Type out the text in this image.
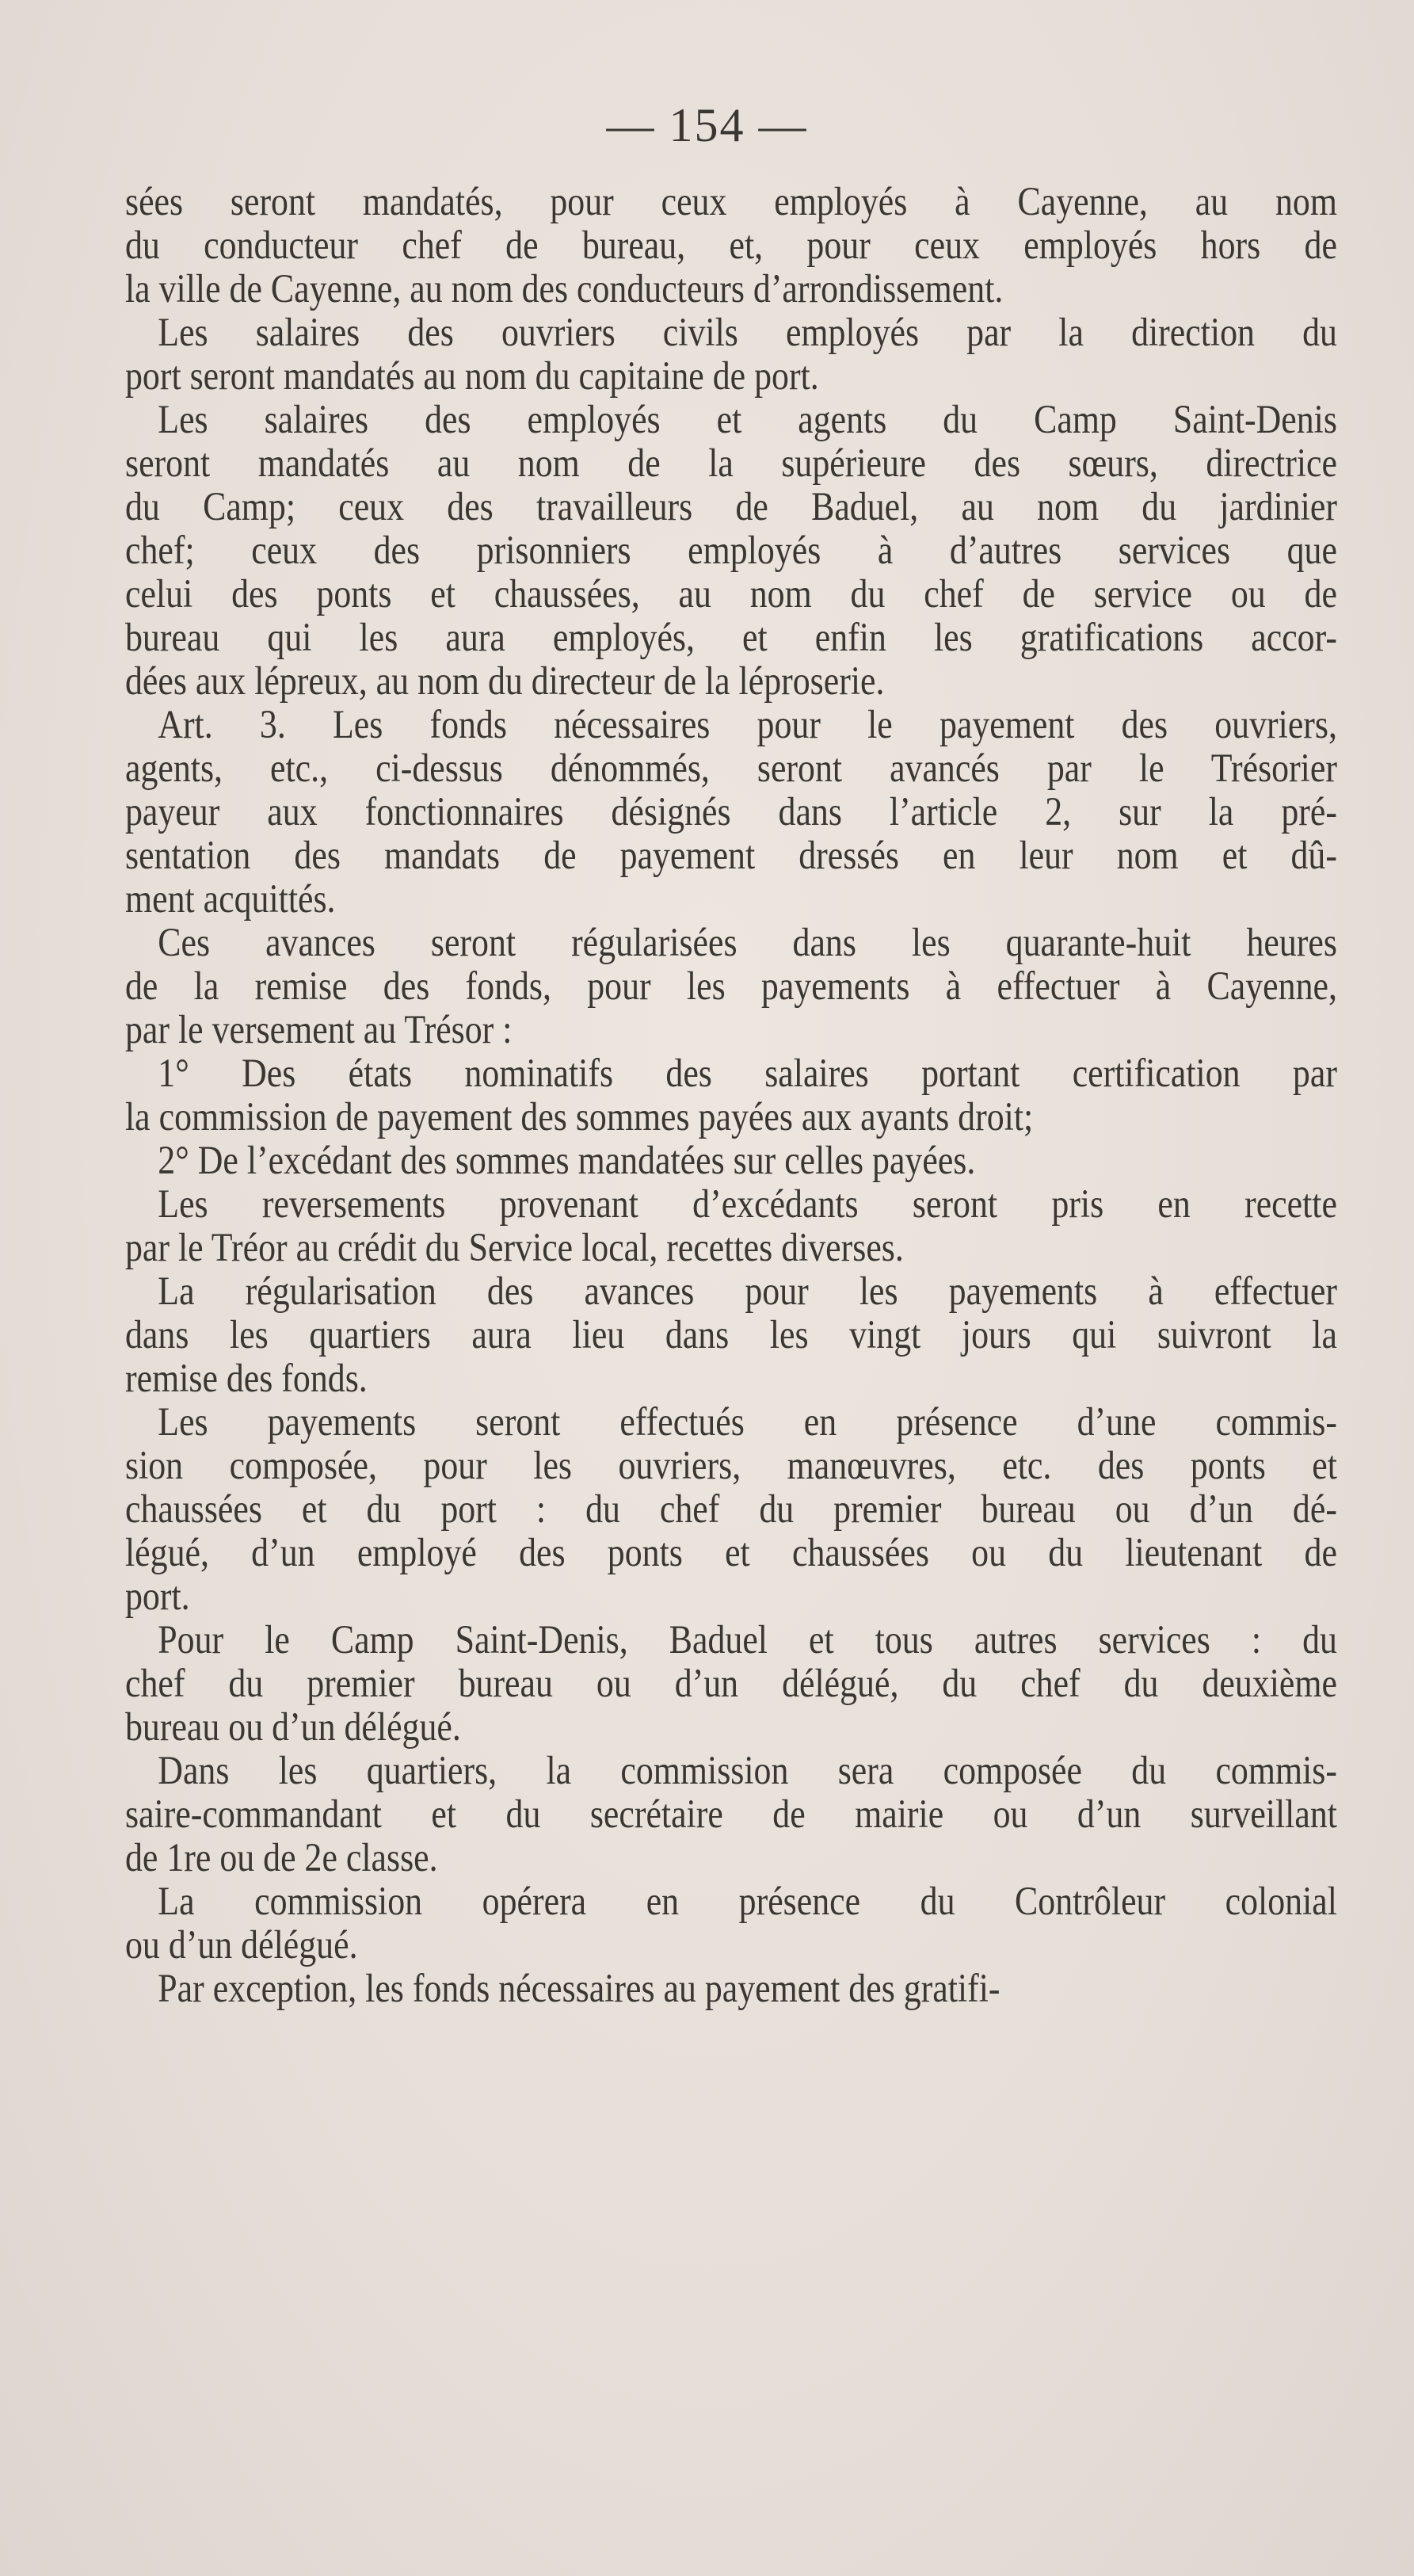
— 154 —
sées seront mandatés, pour ceux employés à Cayenne, au nom
du conducteur chef de bureau, et, pour ceux employés hors de
la ville de Cayenne, au nom des conducteurs d’arrondissement.
Les salaires des ouvriers civils employés par la direction du
port seront mandatés au nom du capitaine de port.
Les salaires des employés et agents du Camp Saint-Denis
seront mandatés au nom de la supérieure des sœurs, directrice
du Camp; ceux des travailleurs de Baduel, au nom du jardinier
chef; ceux des prisonniers employés à d’autres services que
celui des ponts et chaussées, au nom du chef de service ou de
bureau qui les aura employés, et enfin les gratifications accor-
dées aux lépreux, au nom du directeur de la léproserie.
Art. 3. Les fonds nécessaires pour le payement des ouvriers,
agents, etc., ci-dessus dénommés, seront avancés par le Trésorier
payeur aux fonctionnaires désignés dans l’article 2, sur la pré-
sentation des mandats de payement dressés en leur nom et dû-
ment acquittés.
Ces avances seront régularisées dans les quarante-huit heures
de la remise des fonds, pour les payements à effectuer à Cayenne,
par le versement au Trésor :
1° Des états nominatifs des salaires portant certification par
la commission de payement des sommes payées aux ayants droit;
2° De l’excédant des sommes mandatées sur celles payées.
Les reversements provenant d’excédants seront pris en recette
par le Tréor au crédit du Service local, recettes diverses.
La régularisation des avances pour les payements à effectuer
dans les quartiers aura lieu dans les vingt jours qui suivront la
remise des fonds.
Les payements seront effectués en présence d’une commis-
sion composée, pour les ouvriers, manœuvres, etc. des ponts et
chaussées et du port : du chef du premier bureau ou d’un dé-
légué, d’un employé des ponts et chaussées ou du lieutenant de
port.
Pour le Camp Saint-Denis, Baduel et tous autres services : du
chef du premier bureau ou d’un délégué, du chef du deuxième
bureau ou d’un délégué.
Dans les quartiers, la commission sera composée du commis-
saire-commandant et du secrétaire de mairie ou d’un surveillant
de 1re ou de 2e classe.
La commission opérera en présence du Contrôleur colonial
ou d’un délégué.
Par exception, les fonds nécessaires au payement des gratifi-
